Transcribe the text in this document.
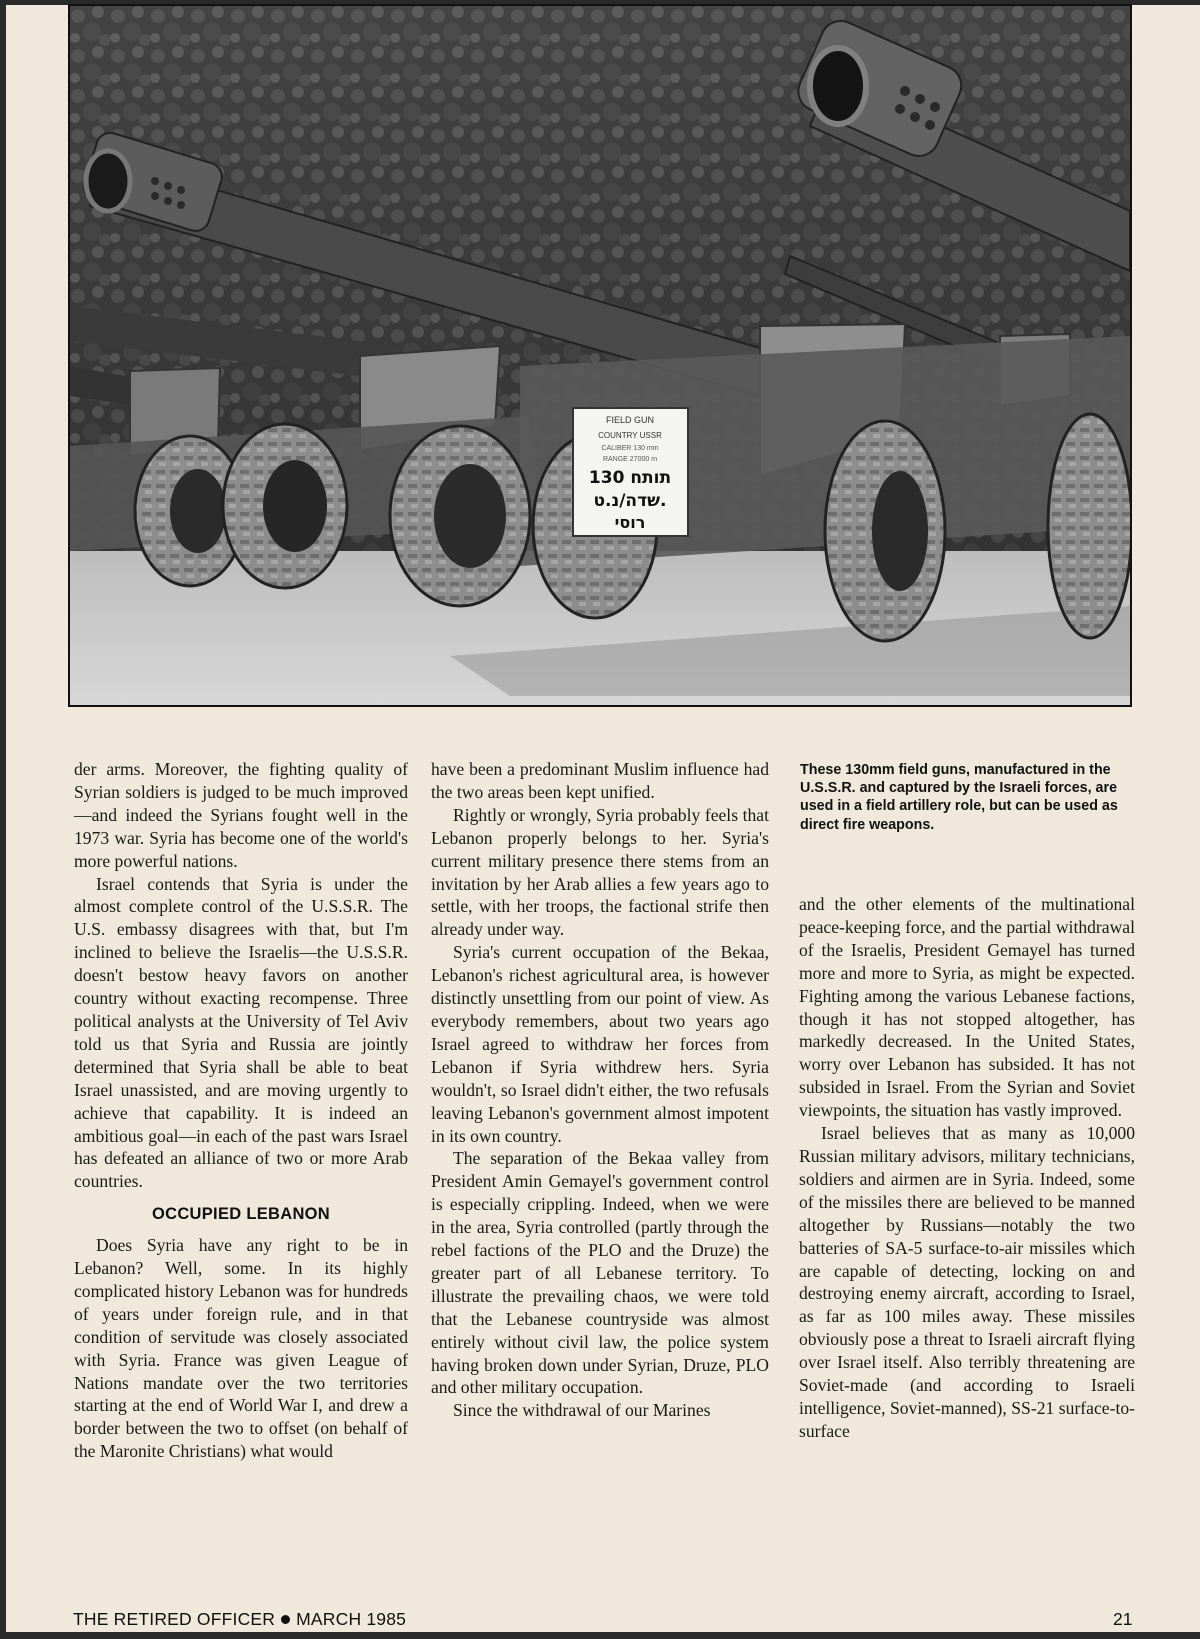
FIELD GUN
COUNTRY USSR
CALIBER 130 mm
RANGE 27000 m
תותח 130
שדה/נ.ט.
רוסי

der arms. Moreover, the fighting quality of Syrian soldiers is judged to be much improved—and indeed the Syrians fought well in the 1973 war. Syria has become one of the world's more powerful nations.

Israel contends that Syria is under the almost complete control of the U.S.S.R. The U.S. embassy disagrees with that, but I'm inclined to believe the Israelis—the U.S.S.R. doesn't bestow heavy favors on another country without exacting recompense. Three political analysts at the University of Tel Aviv told us that Syria and Russia are jointly determined that Syria shall be able to beat Israel unassisted, and are moving urgently to achieve that capability. It is indeed an ambitious goal—in each of the past wars Israel has defeated an alliance of two or more Arab countries.

OCCUPIED LEBANON

Does Syria have any right to be in Lebanon? Well, some. In its highly complicated history Lebanon was for hundreds of years under foreign rule, and in that condition of servitude was closely associated with Syria. France was given League of Nations mandate over the two territories starting at the end of World War I, and drew a border between the two to offset (on behalf of the Maronite Christians) what would

have been a predominant Muslim influence had the two areas been kept unified.

Rightly or wrongly, Syria probably feels that Lebanon properly belongs to her. Syria's current military presence there stems from an invitation by her Arab allies a few years ago to settle, with her troops, the factional strife then already under way.

Syria's current occupation of the Bekaa, Lebanon's richest agricultural area, is however distinctly unsettling from our point of view. As everybody remembers, about two years ago Israel agreed to withdraw her forces from Lebanon if Syria withdrew hers. Syria wouldn't, so Israel didn't either, the two refusals leaving Lebanon's government almost impotent in its own country.

The separation of the Bekaa valley from President Amin Gemayel's government control is especially crippling. Indeed, when we were in the area, Syria controlled (partly through the rebel factions of the PLO and the Druze) the greater part of all Lebanese territory. To illustrate the prevailing chaos, we were told that the Lebanese countryside was almost entirely without civil law, the police system having broken down under Syrian, Druze, PLO and other military occupation.

Since the withdrawal of our Marines

These 130mm field guns, manufactured in the U.S.S.R. and captured by the Israeli forces, are used in a field artillery role, but can be used as direct fire weapons.

and the other elements of the multinational peace-keeping force, and the partial withdrawal of the Israelis, President Gemayel has turned more and more to Syria, as might be expected. Fighting among the various Lebanese factions, though it has not stopped altogether, has markedly decreased. In the United States, worry over Lebanon has subsided. It has not subsided in Israel. From the Syrian and Soviet viewpoints, the situation has vastly improved.

Israel believes that as many as 10,000 Russian military advisors, military technicians, soldiers and airmen are in Syria. Indeed, some of the missiles there are believed to be manned altogether by Russians—notably the two batteries of SA-5 surface-to-air missiles which are capable of detecting, locking on and destroying enemy aircraft, according to Israel, as far as 100 miles away. These missiles obviously pose a threat to Israeli aircraft flying over Israel itself. Also terribly threatening are Soviet-made (and according to Israeli intelligence, Soviet-manned), SS-21 surface-to-surface

THE RETIRED OFFICER MARCH 1985	21
